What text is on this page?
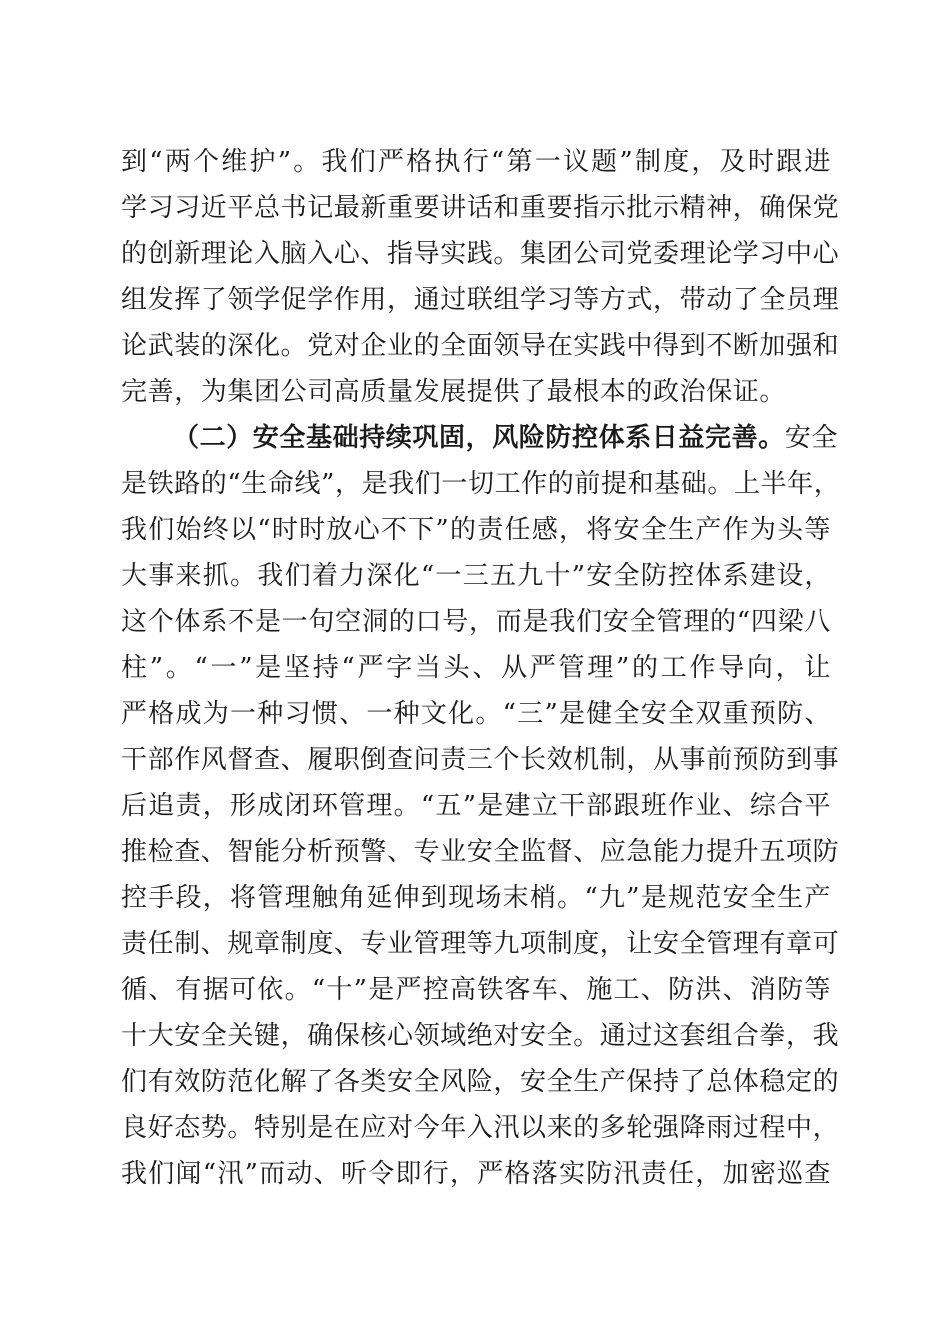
到“两个维护”。我们严格执行“第一议题”制度，及时跟进
学习习近平总书记最新重要讲话和重要指示批示精神，确保党
的创新理论入脑入心、指导实践。集团公司党委理论学习中心
组发挥了领学促学作用，通过联组学习等方式，带动了全员理
论武装的深化。党对企业的全面领导在实践中得到不断加强和
完善，为集团公司高质量发展提供了最根本的政治保证。
（二）安全基础持续巩固，风险防控体系日益完善。安全
是铁路的“生命线”，是我们一切工作的前提和基础。上半年，
我们始终以“时时放心不下”的责任感，将安全生产作为头等
大事来抓。我们着力深化“一三五九十”安全防控体系建设，
这个体系不是一句空洞的口号，而是我们安全管理的“四梁八
柱”。“一”是坚持“严字当头、从严管理”的工作导向，让
严格成为一种习惯、一种文化。“三”是健全安全双重预防、
干部作风督查、履职倒查问责三个长效机制，从事前预防到事
后追责，形成闭环管理。“五”是建立干部跟班作业、综合平
推检查、智能分析预警、专业安全监督、应急能力提升五项防
控手段，将管理触角延伸到现场末梢。“九”是规范安全生产
责任制、规章制度、专业管理等九项制度，让安全管理有章可
循、有据可依。“十”是严控高铁客车、施工、防洪、消防等
十大安全关键，确保核心领域绝对安全。通过这套组合拳，我
们有效防范化解了各类安全风险，安全生产保持了总体稳定的
良好态势。特别是在应对今年入汛以来的多轮强降雨过程中，
我们闻“汛”而动、听令即行，严格落实防汛责任，加密巡查
